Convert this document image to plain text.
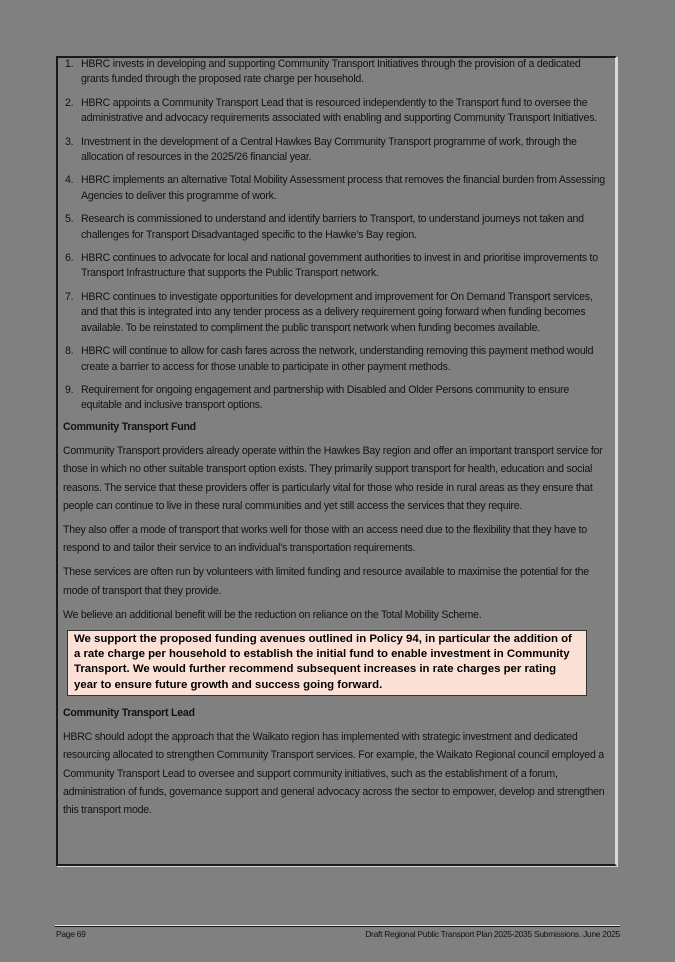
1. HBRC invests in developing and supporting Community Transport Initiatives through the provision of a dedicated grants funded through the proposed rate charge per household.
2. HBRC appoints a Community Transport Lead that is resourced independently to the Transport fund to oversee the administrative and advocacy requirements associated with enabling and supporting Community Transport Initiatives.
3. Investment in the development of a Central Hawkes Bay Community Transport programme of work, through the allocation of resources in the 2025/26 financial year.
4. HBRC implements an alternative Total Mobility Assessment process that removes the financial burden from Assessing Agencies to deliver this programme of work.
5. Research is commissioned to understand and identify barriers to Transport, to understand journeys not taken and challenges for Transport Disadvantaged specific to the Hawke's Bay region.
6. HBRC continues to advocate for local and national government authorities to invest in and prioritise improvements to Transport Infrastructure that supports the Public Transport network.
7. HBRC continues to investigate opportunities for development and improvement for On Demand Transport services, and that this is integrated into any tender process as a delivery requirement going forward when funding becomes available. To be reinstated to compliment the public transport network when funding becomes available.
8. HBRC will continue to allow for cash fares across the network, understanding removing this payment method would create a barrier to access for those unable to participate in other payment methods.
9. Requirement for ongoing engagement and partnership with Disabled and Older Persons community to ensure equitable and inclusive transport options.
Community Transport Fund

Community Transport providers already operate within the Hawkes Bay region and offer an important transport service for those in which no other suitable transport option exists. They primarily support transport for health, education and social reasons. The service that these providers offer is particularly vital for those who reside in rural areas as they ensure that people can continue to live in these rural communities and yet still access the services that they require.

They also offer a mode of transport that works well for those with an access need due to the flexibility that they have to respond to and tailor their service to an individual's transportation requirements.

These services are often run by volunteers with limited funding and resource available to maximise the potential for the mode of transport that they provide.

We believe an additional benefit will be the reduction on reliance on the Total Mobility Scheme.

We support the proposed funding avenues outlined in Policy 94, in particular the addition of a rate charge per household to establish the initial fund to enable investment in Community Transport. We would further recommend subsequent increases in rate charges per rating year to ensure future growth and success going forward.
Community Transport Lead

HBRC should adopt the approach that the Waikato region has implemented with strategic investment and dedicated resourcing allocated to strengthen Community Transport services. For example, the Waikato Regional council employed a Community Transport Lead to oversee and support community initiatives, such as the establishment of a forum, administration of funds, governance support and general advocacy across the sector to empower, develop and strengthen this transport mode.

Page 69	Draft Regional Public Transport Plan 2025-2035 Submissions. June 2025
